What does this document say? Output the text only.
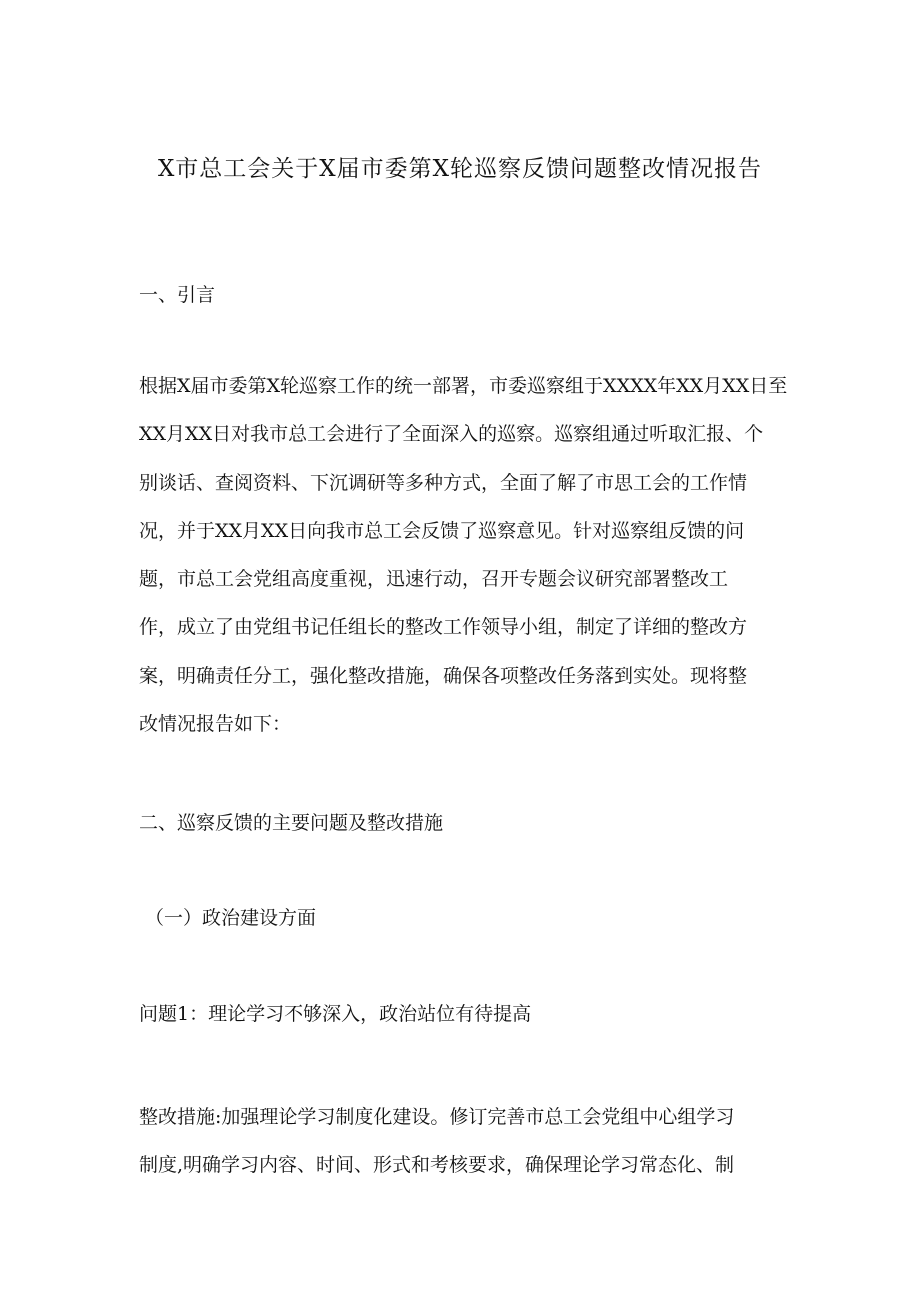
X市总工会关于X届市委第X轮巡察反馈问题整改情况报告
一、引言
根据X届市委第X轮巡察工作的统一部署，市委巡察组于XXXX年XX月XX日至
XX月XX日对我市总工会进行了全面深入的巡察。巡察组通过听取汇报、个
别谈话、查阅资料、下沉调研等多种方式，全面了解了市思工会的工作情
况，并于XX月XX日向我市总工会反馈了巡察意见。针对巡察组反馈的问
题，市总工会党组高度重视，迅速行动，召开专题会议研究部署整改工
作，成立了由党组书记任组长的整改工作领导小组，制定了详细的整改方
案，明确责任分工，强化整改措施，确保各项整改任务落到实处。现将整
改情况报告如下：
二、巡察反馈的主要问题及整改措施
（一）政治建设方面
问题1：理论学习不够深入，政治站位有待提高
整改措施:加强理论学习制度化建设。修订完善市总工会党组中心组学习
制度,明确学习内容、时间、形式和考核要求，确保理论学习常态化、制
